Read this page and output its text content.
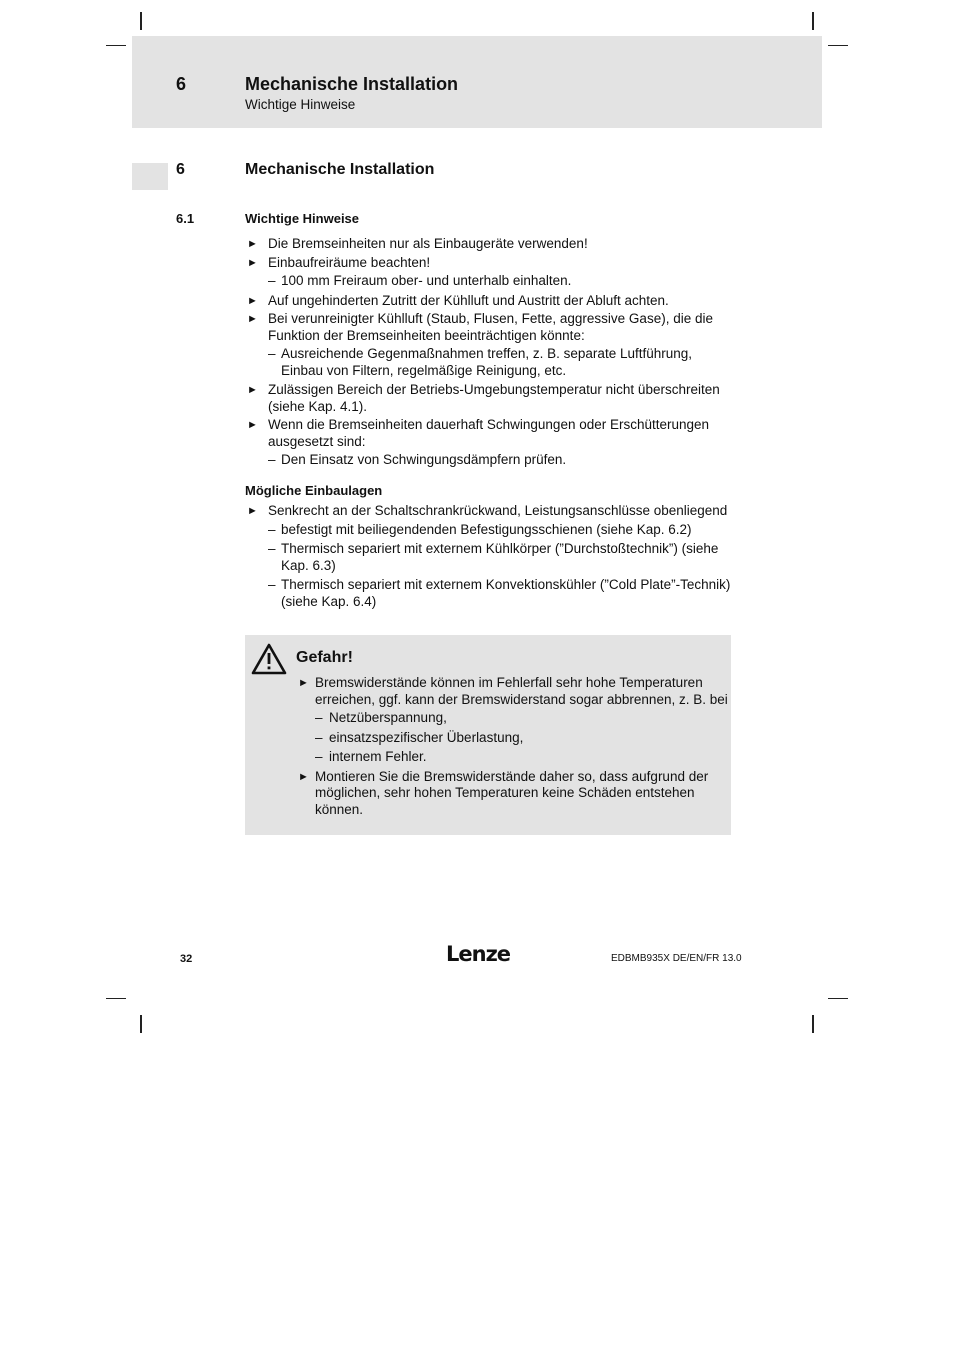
6	Mechanische Installation
Wichtige Hinweise
6	Mechanische Installation
6.1	Wichtige Hinweise
► Die Bremseinheiten nur als Einbaugeräte verwenden!
► Einbaufreiräume beachten!
– 100 mm Freiraum ober- und unterhalb einhalten.
► Auf ungehinderten Zutritt der Kühlluft und Austritt der Abluft achten.
► Bei verunreinigter Kühlluft (Staub, Flusen, Fette, aggressive Gase), die die Funktion der Bremseinheiten beeinträchtigen könnte:
– Ausreichende Gegenmaßnahmen treffen, z. B. separate Luftführung, Einbau von Filtern, regelmäßige Reinigung, etc.
► Zulässigen Bereich der Betriebs-Umgebungstemperatur nicht überschreiten (siehe Kap. 4.1).
► Wenn die Bremseinheiten dauerhaft Schwingungen oder Erschütterungen ausgesetzt sind:
– Den Einsatz von Schwingungsdämpfern prüfen.
Mögliche Einbaulagen
► Senkrecht an der Schaltschrankrückwand, Leistungsanschlüsse obenliegend
– befestigt mit beiliegendenden Befestigungsschienen (siehe Kap. 6.2)
– Thermisch separiert mit externem Kühlkörper (”Durchstoßtechnik”) (siehe Kap. 6.3)
– Thermisch separiert mit externem Konvektionskühler (”Cold Plate”-Technik) (siehe Kap. 6.4)
Gefahr!
► Bremswiderstände können im Fehlerfall sehr hohe Temperaturen erreichen, ggf. kann der Bremswiderstand sogar abbrennen, z. B. bei
– Netzüberspannung,
– einsatzspezifischer Überlastung,
– internem Fehler.
► Montieren Sie die Bremswiderstände daher so, dass aufgrund der möglichen, sehr hohen Temperaturen keine Schäden entstehen können.
32	Lenze	EDBMB935X DE/EN/FR 13.0
